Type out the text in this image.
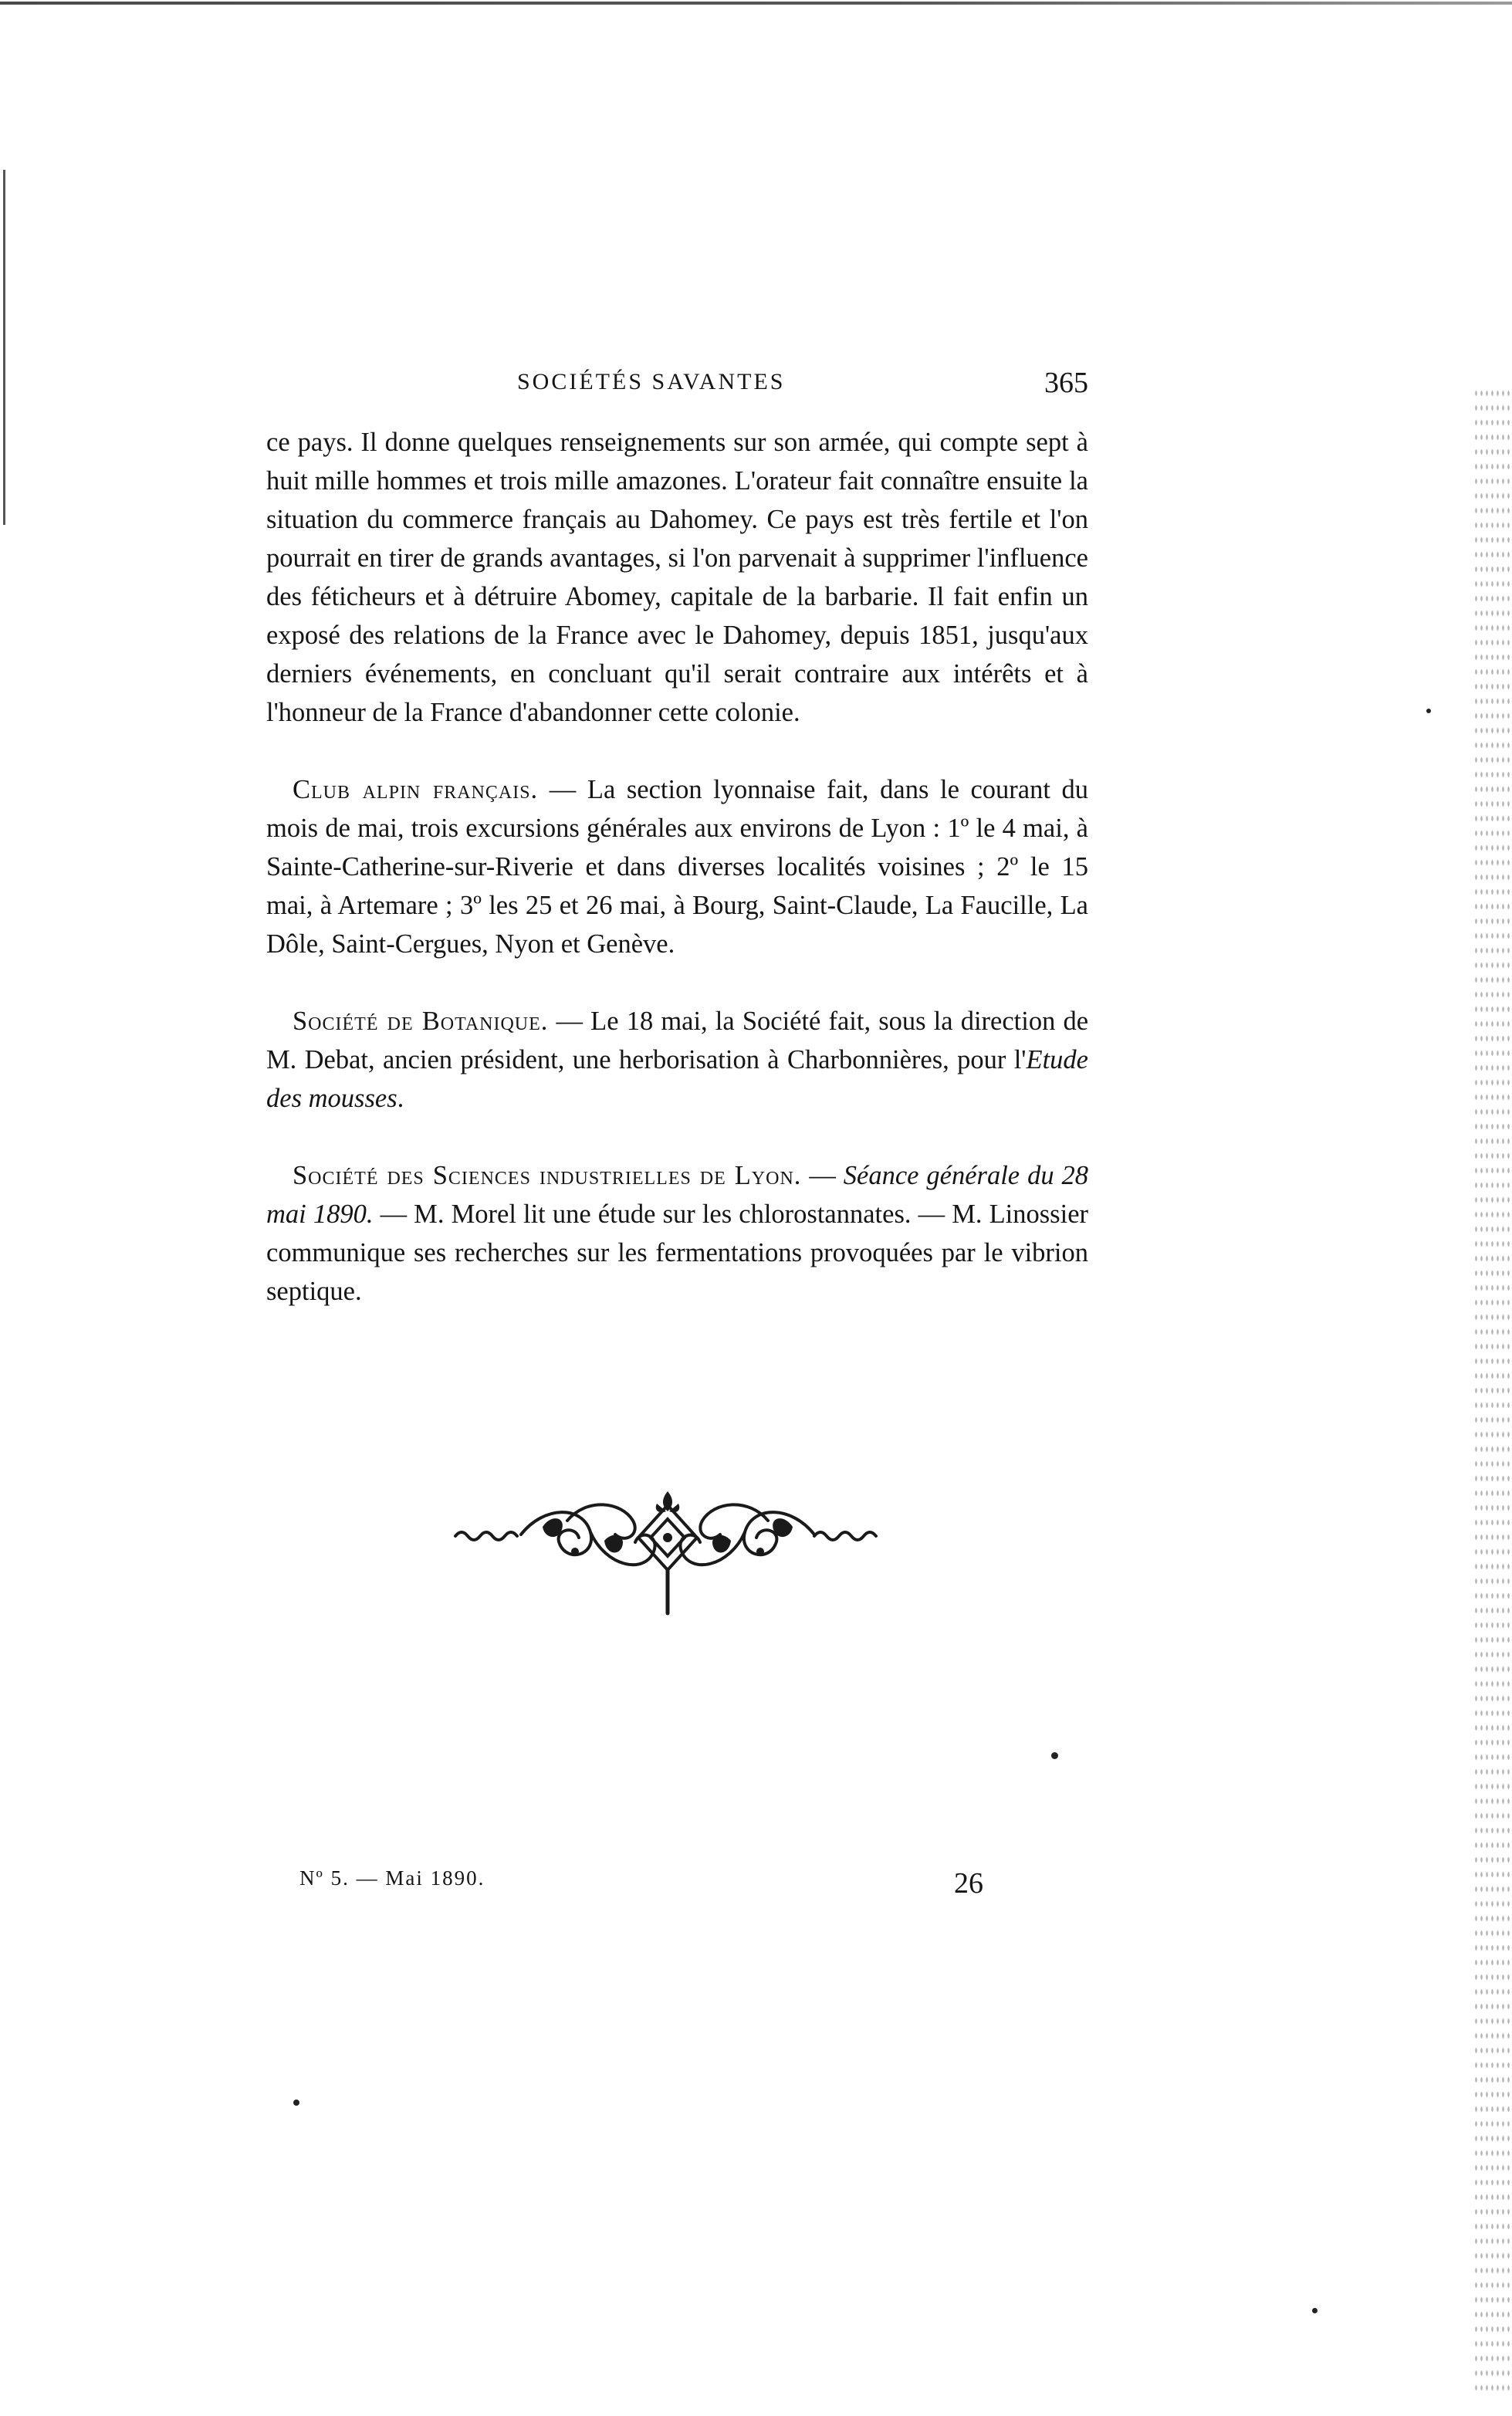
SOCIÉTÉS SAVANTES	365

ce pays. Il donne quelques renseignements sur son armée, qui compte sept à huit mille hommes et trois mille amazones. L'orateur fait connaître ensuite la situation du commerce français au Dahomey. Ce pays est très fertile et l'on pourrait en tirer de grands avantages, si l'on parvenait à supprimer l'influence des féticheurs et à détruire Abomey, capitale de la barbarie. Il fait enfin un exposé des relations de la France avec le Dahomey, depuis 1851, jusqu'aux derniers événements, en concluant qu'il serait contraire aux intérêts et à l'honneur de la France d'abandonner cette colonie.

Club alpin français. — La section lyonnaise fait, dans le courant du mois de mai, trois excursions générales aux environs de Lyon : 1º le 4 mai, à Sainte-Catherine-sur-Riverie et dans diverses localités voisines ; 2º le 15 mai, à Artemare ; 3º les 25 et 26 mai, à Bourg, Saint-Claude, La Faucille, La Dôle, Saint-Cergues, Nyon et Genève.

Société de Botanique. — Le 18 mai, la Société fait, sous la direction de M. Debat, ancien président, une herborisation à Charbonnières, pour l'Etude des mousses.

Société des Sciences industrielles de Lyon. — Séance générale du 28 mai 1890. — M. Morel lit une étude sur les chlorostannates. — M. Linossier communique ses recherches sur les fermentations provoquées par le vibrion septique.

Nº 5. — Mai 1890.	26
